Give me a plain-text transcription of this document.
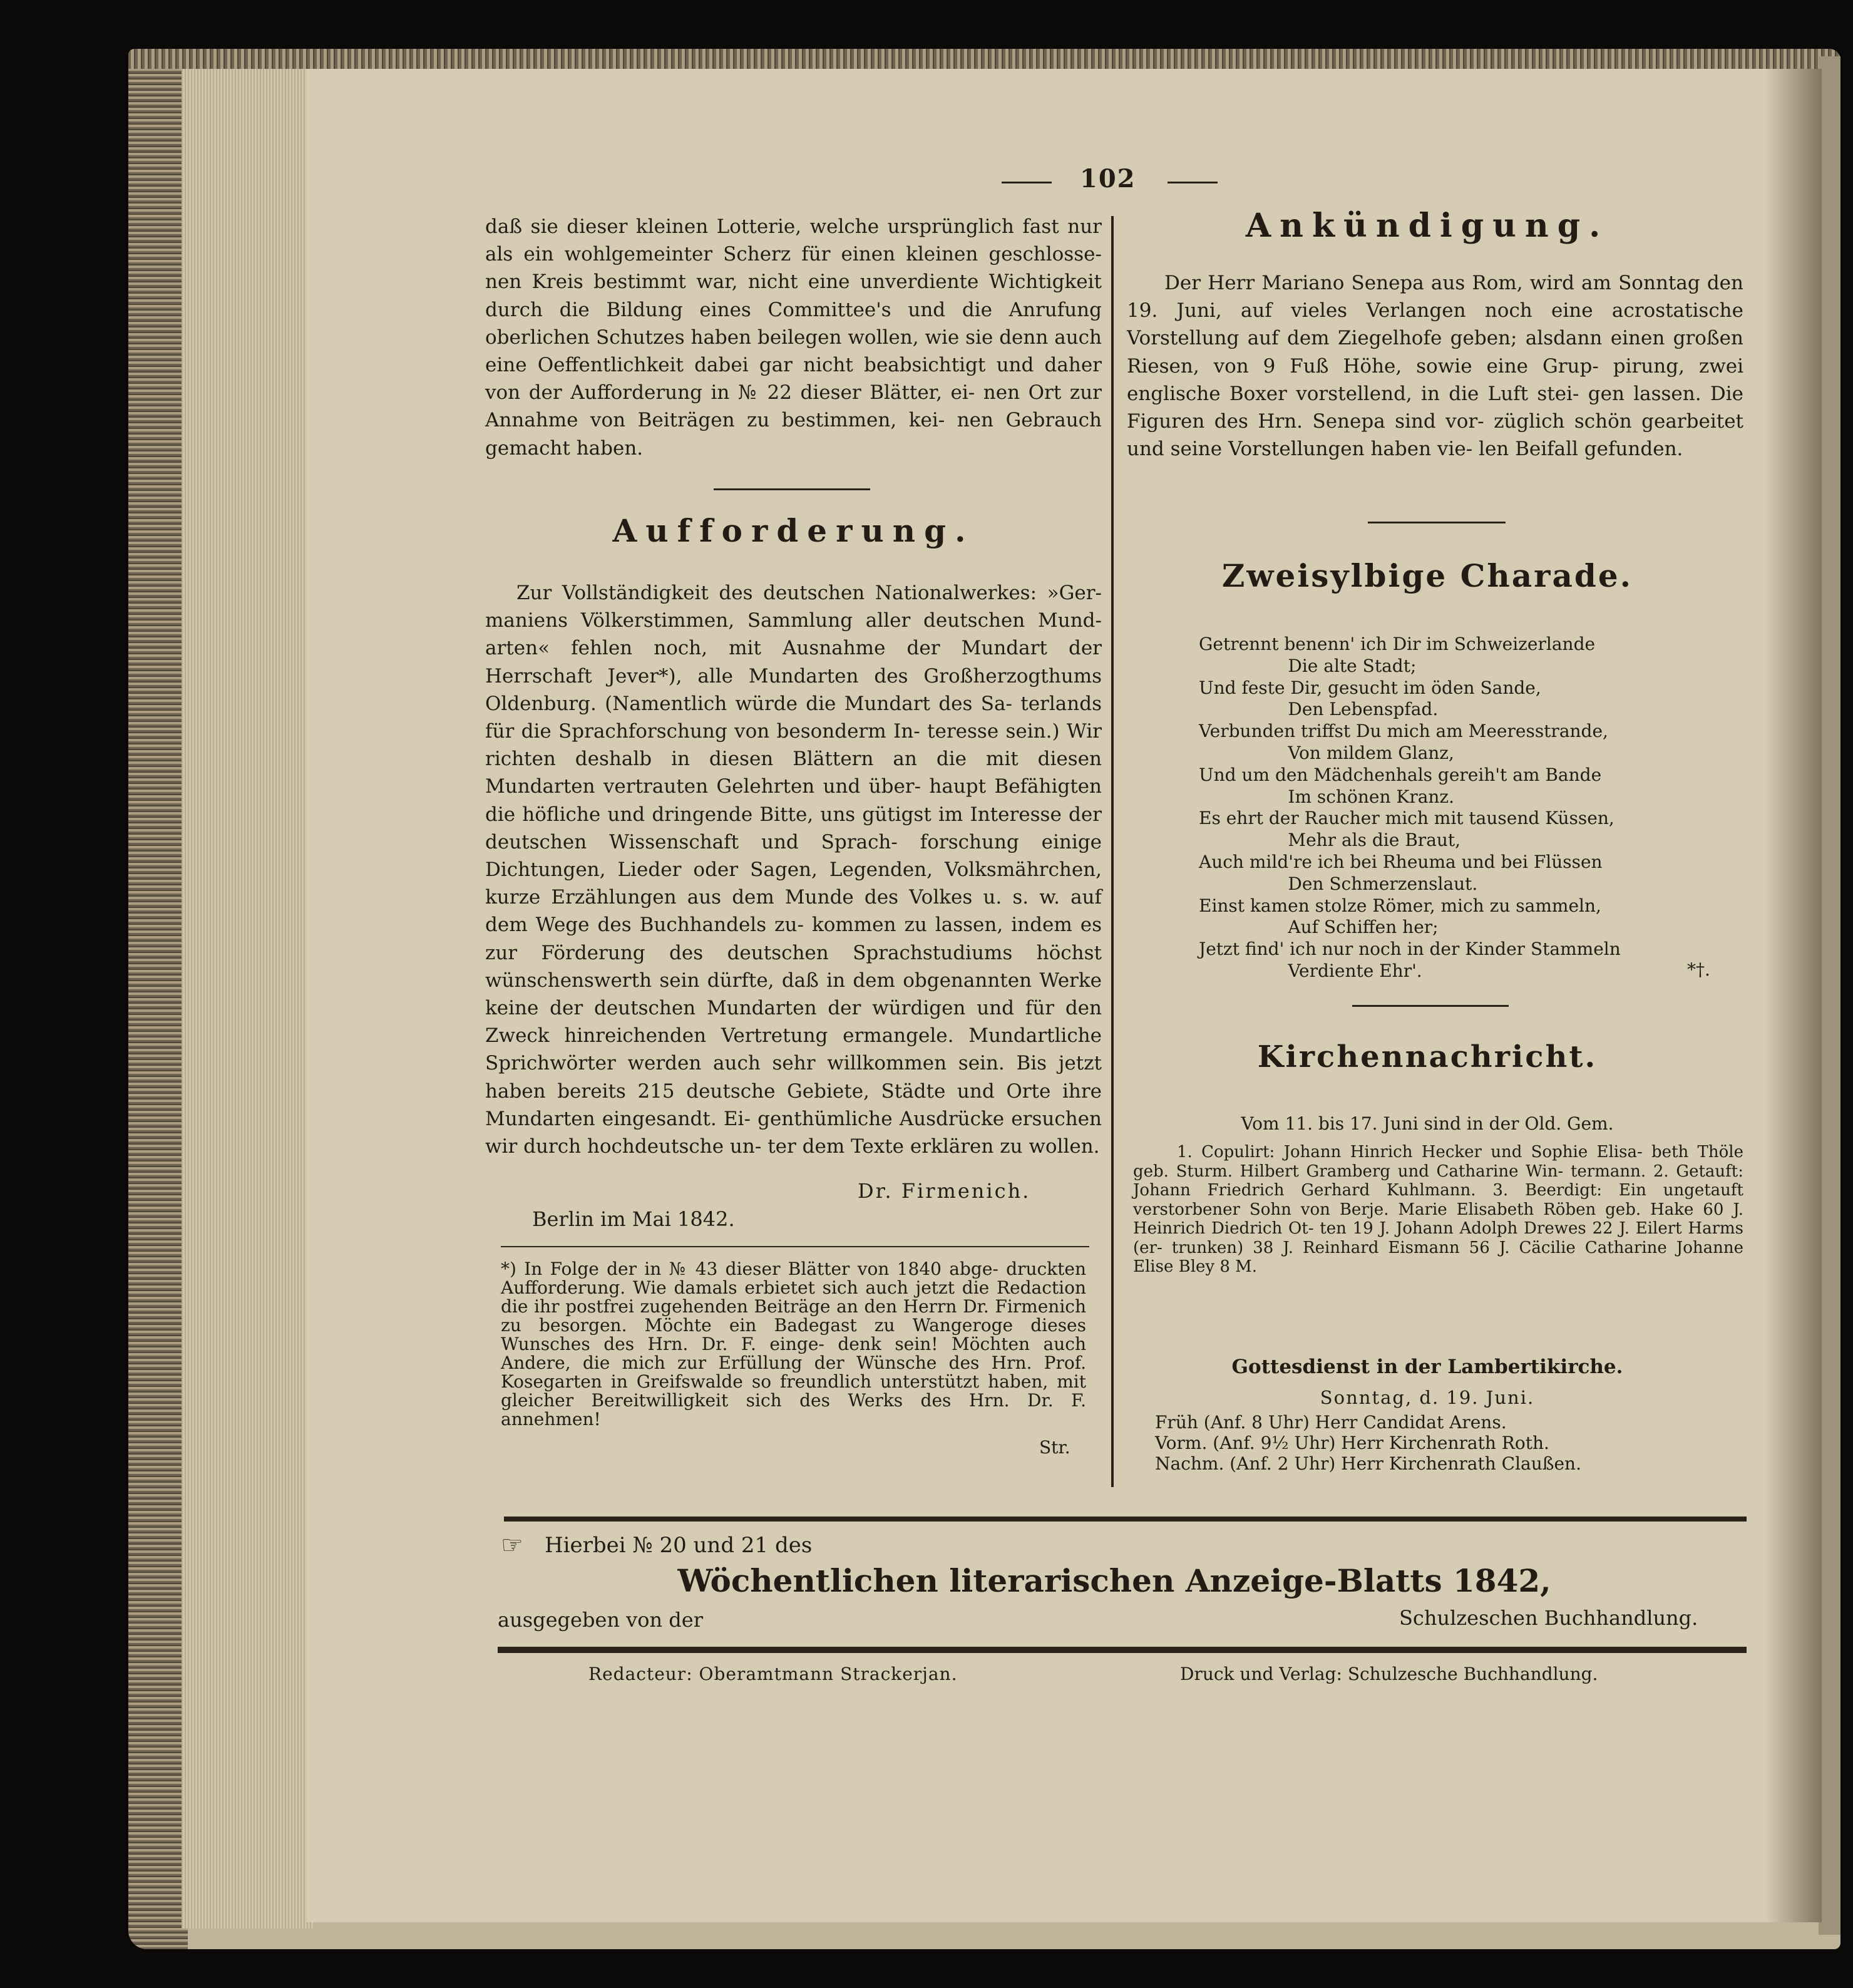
102

daß sie dieser kleinen Lotterie, welche ursprünglich fast nur als ein wohlgemeinter Scherz für einen kleinen geschlosse- nen Kreis bestimmt war, nicht eine unverdiente Wichtigkeit durch die Bildung eines Committee's und die Anrufung oberlichen Schutzes haben beilegen wollen, wie sie denn auch eine Oeffentlichkeit dabei gar nicht beabsichtigt und daher von der Aufforderung in № 22 dieser Blätter, ei- nen Ort zur Annahme von Beiträgen zu bestimmen, kei- nen Gebrauch gemacht haben.

Aufforderung.

Zur Vollständigkeit des deutschen Nationalwerkes: »Ger- maniens Völkerstimmen, Sammlung aller deutschen Mund- arten« fehlen noch, mit Ausnahme der Mundart der Herrschaft Jever*), alle Mundarten des Großherzogthums Oldenburg. (Namentlich würde die Mundart des Sa- terlands für die Sprachforschung von besonderm In- teresse sein.) Wir richten deshalb in diesen Blättern an die mit diesen Mundarten vertrauten Gelehrten und über- haupt Befähigten die höfliche und dringende Bitte, uns gütigst im Interesse der deutschen Wissenschaft und Sprach- forschung einige Dichtungen, Lieder oder Sagen, Legenden, Volksmährchen, kurze Erzählungen aus dem Munde des Volkes u. s. w. auf dem Wege des Buchhandels zu- kommen zu lassen, indem es zur Förderung des deutschen Sprachstudiums höchst wünschenswerth sein dürfte, daß in dem obgenannten Werke keine der deutschen Mundarten der würdigen und für den Zweck hinreichenden Vertretung ermangele. Mundartliche Sprichwörter werden auch sehr willkommen sein. Bis jetzt haben bereits 215 deutsche Gebiete, Städte und Orte ihre Mundarten eingesandt. Ei- genthümliche Ausdrücke ersuchen wir durch hochdeutsche un- ter dem Texte erklären zu wollen.

Dr. Firmenich.
Berlin im Mai 1842.

*) In Folge der in № 43 dieser Blätter von 1840 abge- druckten Aufforderung. Wie damals erbietet sich auch jetzt die Redaction die ihr postfrei zugehenden Beiträge an den Herrn Dr. Firmenich zu besorgen. Möchte ein Badegast zu Wangeroge dieses Wunsches des Hrn. Dr. F. einge- denk sein! Möchten auch Andere, die mich zur Erfüllung der Wünsche des Hrn. Prof. Kosegarten in Greifswalde so freundlich unterstützt haben, mit gleicher Bereitwilligkeit sich des Werks des Hrn. Dr. F. annehmen!

Str.
Ankündigung.

Der Herr Mariano Senepa aus Rom, wird am Sonntag den 19. Juni, auf vieles Verlangen noch eine acrostatische Vorstellung auf dem Ziegelhofe geben; alsdann einen großen Riesen, von 9 Fuß Höhe, sowie eine Grup- pirung, zwei englische Boxer vorstellend, in die Luft stei- gen lassen. Die Figuren des Hrn. Senepa sind vor- züglich schön gearbeitet und seine Vorstellungen haben vie- len Beifall gefunden.

Zweisylbige Charade.
Getrennt benenn' ich Dir im Schweizerlande
Die alte Stadt;
Und feste Dir, gesucht im öden Sande,
Den Lebenspfad.
Verbunden triffst Du mich am Meeresstrande,
Von mildem Glanz,
Und um den Mädchenhals gereih't am Bande
Im schönen Kranz.
Es ehrt der Raucher mich mit tausend Küssen,
Mehr als die Braut,
Auch mild're ich bei Rheuma und bei Flüssen
Den Schmerzenslaut.
Einst kamen stolze Römer, mich zu sammeln,
Auf Schiffen her;
Jetzt find' ich nur noch in der Kinder Stammeln
Verdiente Ehr'.	*†.
Kirchennachricht.
Vom 11. bis 17. Juni sind in der Old. Gem.

1. Copulirt: Johann Hinrich Hecker und Sophie Elisa- beth Thöle geb. Sturm. Hilbert Gramberg und Catharine Win- termann. 2. Getauft: Johann Friedrich Gerhard Kuhlmann. 3. Beerdigt: Ein ungetauft verstorbener Sohn von Berje. Marie Elisabeth Röben geb. Hake 60 J. Heinrich Diedrich Ot- ten 19 J. Johann Adolph Drewes 22 J. Eilert Harms (er- trunken) 38 J. Reinhard Eismann 56 J. Cäcilie Catharine Johanne Elise Bley 8 M.

Gottesdienst in der Lambertikirche.
Sonntag, d. 19. Juni.
Früh (Anf. 8 Uhr) Herr Candidat Arens.
Vorm. (Anf. 9½ Uhr) Herr Kirchenrath Roth.
Nachm. (Anf. 2 Uhr) Herr Kirchenrath Claußen.
☞ Hierbei № 20 und 21 des
Wöchentlichen literarischen Anzeige-Blatts 1842,
ausgegeben von der	Schulzeschen Buchhandlung.
Redacteur: Oberamtmann Strackerjan.	Druck und Verlag: Schulzesche Buchhandlung.
